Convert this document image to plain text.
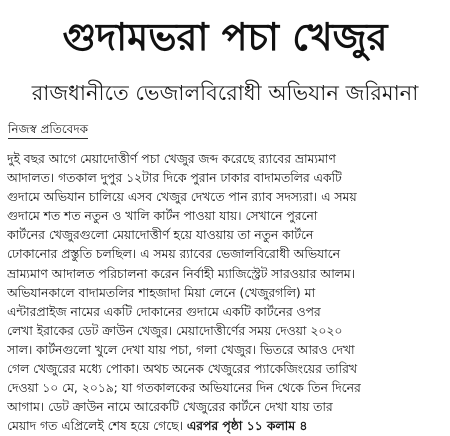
গুদামভরা পচা খেজুর
রাজধানীতে ভেজালবিরোধী অভিযান জরিমানা
নিজস্ব প্রতিবেদক
দুই বছর আগে মেয়াদোত্তীর্ণ পচা খেজুর জব্দ করেছে র‌্যাবের ভ্রাম্যমাণ
আদালত। গতকাল দুপুর ১২টার দিকে পুরান ঢাকার বাদামতলির একটি
গুদামে অভিযান চালিয়ে এসব খেজুর দেখতে পান র‌্যাব সদস্যরা। এ সময়
গুদামে শত শত নতুন ও খালি কার্টন পাওয়া যায়। সেখানে পুরনো
কার্টনের খেজুরগুলো মেয়াদোত্তীর্ণ হয়ে যাওয়ায় তা নতুন কার্টনে
ঢোকানোর প্রস্তুতি চলছিল। এ সময় র‌্যাবের ভেজালবিরোধী অভিযানে
ভ্রাম্যমাণ আদালত পরিচালনা করেন নির্বাহী ম্যাজিস্ট্রেট সারওয়ার আলম।
অভিযানকালে বাদামতলির শাহজাদা মিয়া লেনে (খেজুরগলি) মা
এন্টারপ্রাইজ নামের একটি দোকানের গুদামে একটি কার্টনের ওপর
লেখা ইরাকের ডেট ক্রাউন খেজুর। মেয়াদোত্তীর্ণের সময় দেওয়া ২০২০
সাল। কার্টনগুলো খুলে দেখা যায় পচা, গলা খেজুর। ভিতরে আরও দেখা
গেল খেজুরের মধ্যে পোকা। অথচ অনেক খেজুরের প্যাকেজিংয়ের তারিখ
দেওয়া ১০ মে, ২০১৯; যা গতকালকের অভিযানের দিন থেকে তিন দিনের
আগাম। ডেট ক্রাউন নামে আরেকটি খেজুরের কার্টনে দেখা যায় তার
মেয়াদ গত এপ্রিলেই শেষ হয়ে গেছে। এরপর পৃষ্ঠা ১১ কলাম ৪
